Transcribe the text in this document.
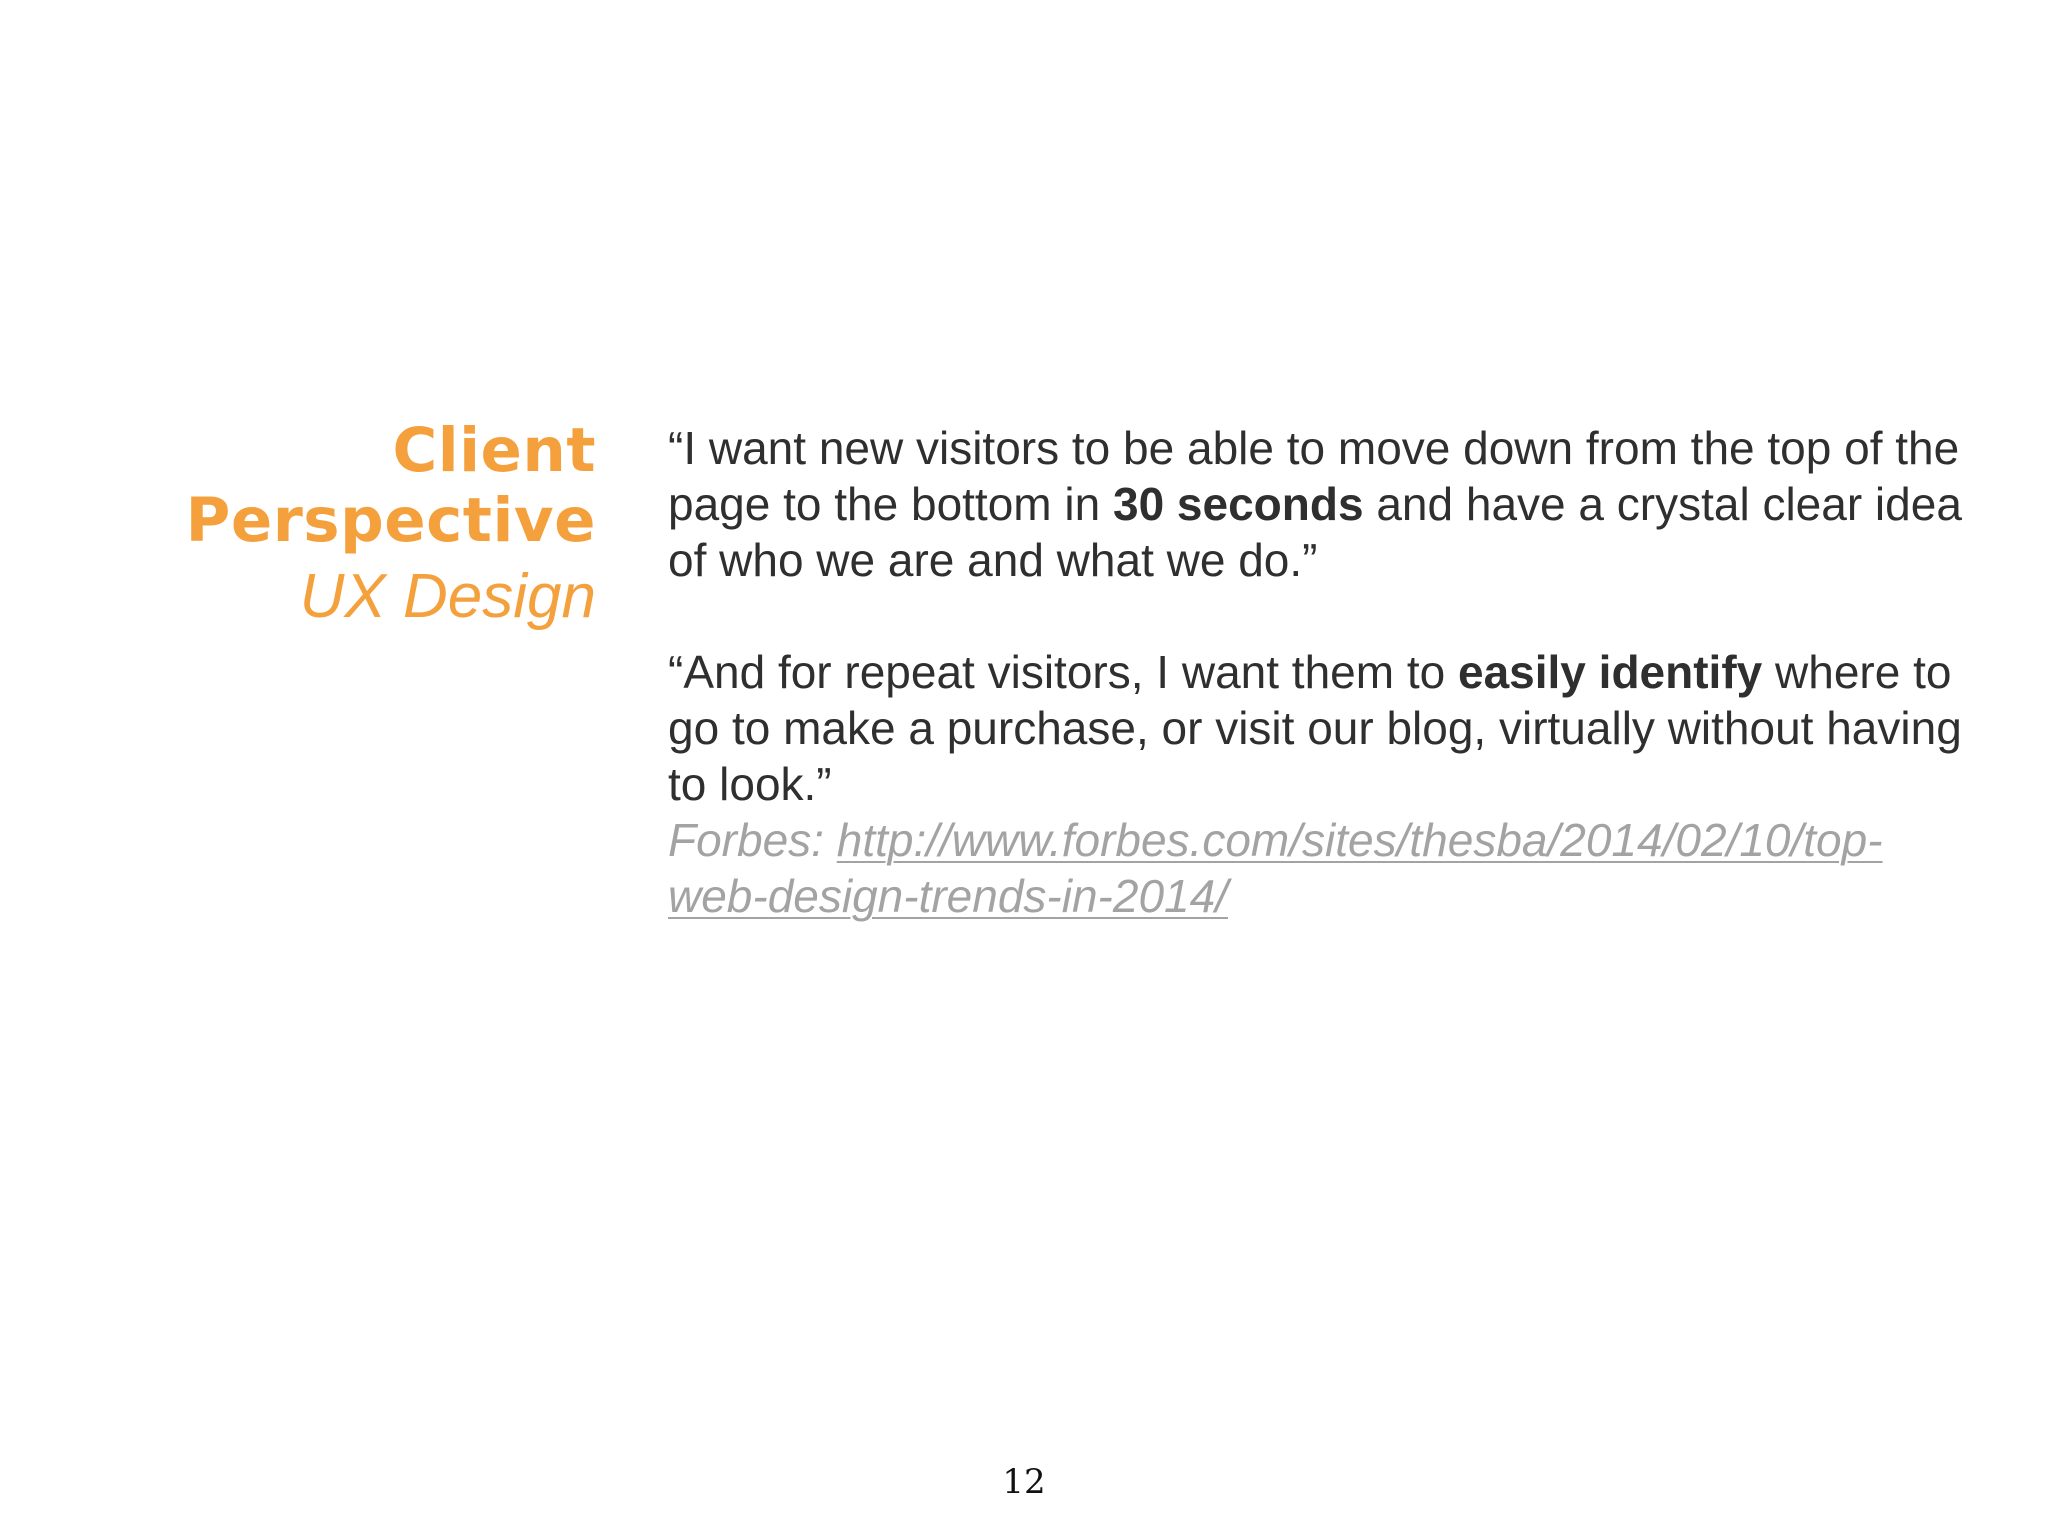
Client
Perspective
UX Design

“I want new visitors to be able to move down from the top of the page to the bottom in 30 seconds and have a crystal clear idea of who we are and what we do.”

“And for repeat visitors, I want them to easily identify where to go to make a purchase, or visit our blog, virtually without having to look.”

Forbes: http://www.forbes.com/sites/thesba/2014/02/10/top-web-design-trends-in-2014/

12
